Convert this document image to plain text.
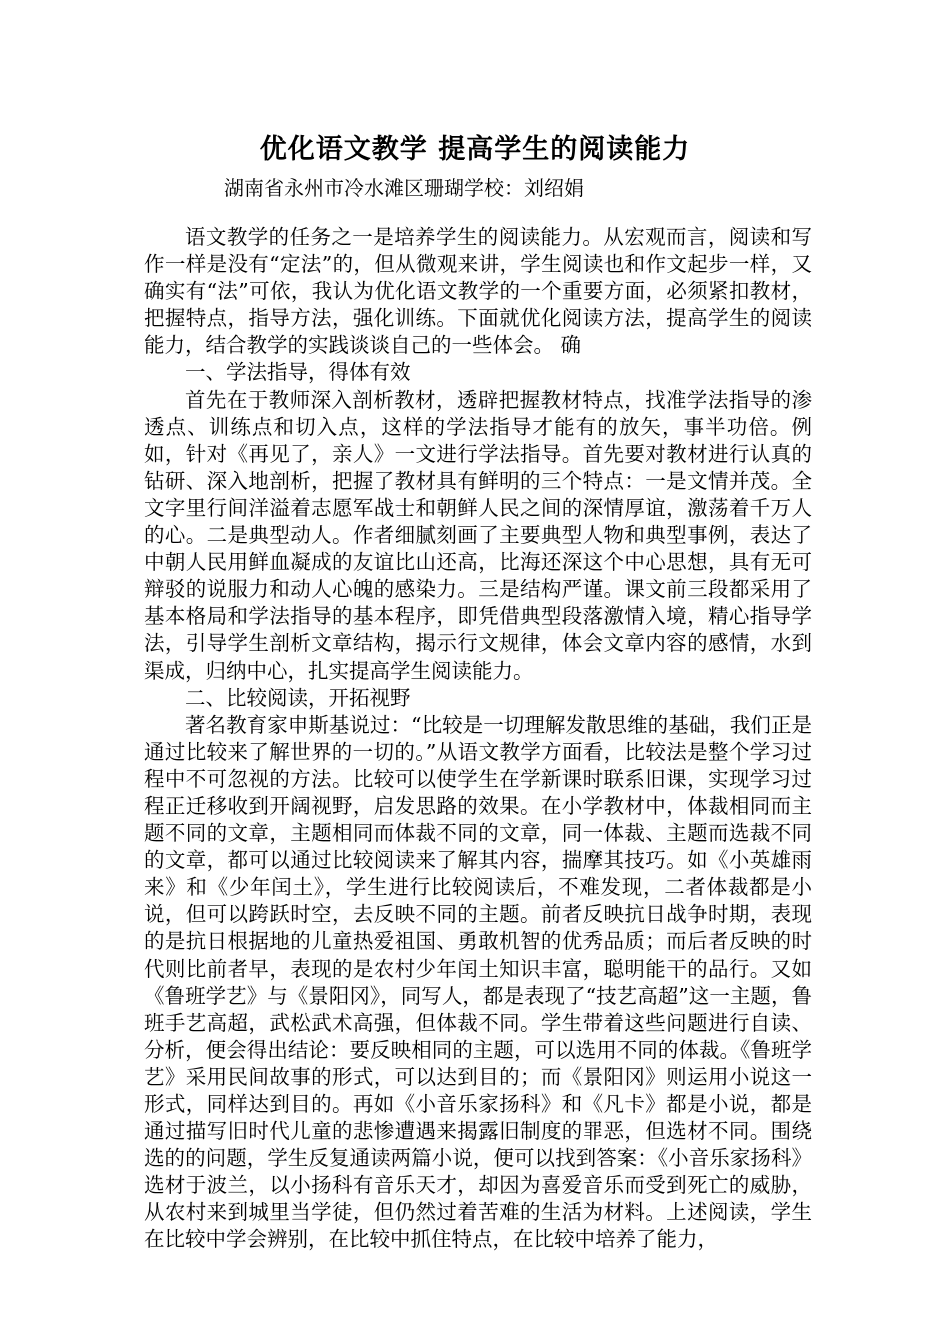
优化语文教学 提高学生的阅读能力
湖南省永州市冷水滩区珊瑚学校：刘绍娟

语文教学的任务之一是培养学生的阅读能力。从宏观而言，阅读和写作一样是没有“定法”的，但从微观来讲，学生阅读也和作文起步一样，又确实有“法”可依，我认为优化语文教学的一个重要方面，必须紧扣教材，把握特点，指导方法，强化训练。下面就优化阅读方法，提高学生的阅读能力，结合教学的实践谈谈自己的一些体会。 确

一、学法指导，得体有效

首先在于教师深入剖析教材，透辟把握教材特点，找准学法指导的渗透点、训练点和切入点，这样的学法指导才能有的放矢，事半功倍。例如，针对《再见了，亲人》一文进行学法指导。首先要对教材进行认真的钻研、深入地剖析，把握了教材具有鲜明的三个特点：一是文情并茂。全文字里行间洋溢着志愿军战士和朝鲜人民之间的深情厚谊，激荡着千万人的心。二是典型动人。作者细腻刻画了主要典型人物和典型事例，表达了中朝人民用鲜血凝成的友谊比山还高，比海还深这个中心思想，具有无可辩驳的说服力和动人心魄的感染力。三是结构严谨。课文前三段都采用了基本格局和学法指导的基本程序，即凭借典型段落激情入境，精心指导学法，引导学生剖析文章结构，揭示行文规律，体会文章内容的感情，水到渠成，归纳中心，扎实提高学生阅读能力。

二、比较阅读，开拓视野

著名教育家申斯基说过：“比较是一切理解发散思维的基础，我们正是通过比较来了解世界的一切的。”从语文教学方面看，比较法是整个学习过程中不可忽视的方法。比较可以使学生在学新课时联系旧课，实现学习过程正迁移收到开阔视野，启发思路的效果。在小学教材中，体裁相同而主题不同的文章，主题相同而体裁不同的文章，同一体裁、主题而选裁不同的文章，都可以通过比较阅读来了解其内容，揣摩其技巧。如《小英雄雨来》和《少年闰土》，学生进行比较阅读后，不难发现，二者体裁都是小说，但可以跨跃时空，去反映不同的主题。前者反映抗日战争时期，表现的是抗日根据地的儿童热爱祖国、勇敢机智的优秀品质；而后者反映的时代则比前者早，表现的是农村少年闰土知识丰富，聪明能干的品行。又如《鲁班学艺》与《景阳冈》，同写人，都是表现了“技艺高超”这一主题，鲁班手艺高超，武松武术高强，但体裁不同。学生带着这些问题进行自读、分析，便会得出结论：要反映相同的主题，可以选用不同的体裁。《鲁班学艺》采用民间故事的形式，可以达到目的；而《景阳冈》则运用小说这一形式，同样达到目的。再如《小音乐家扬科》和《凡卡》都是小说，都是通过描写旧时代儿童的悲惨遭遇来揭露旧制度的罪恶，但选材不同。围绕选的的问题，学生反复通读两篇小说，便可以找到答案：《小音乐家扬科》选材于波兰，以小扬科有音乐天才，却因为喜爱音乐而受到死亡的威胁，从农村来到城里当学徒，但仍然过着苦难的生活为材料。上述阅读，学生在比较中学会辨别，在比较中抓住特点，在比较中培养了能力，
